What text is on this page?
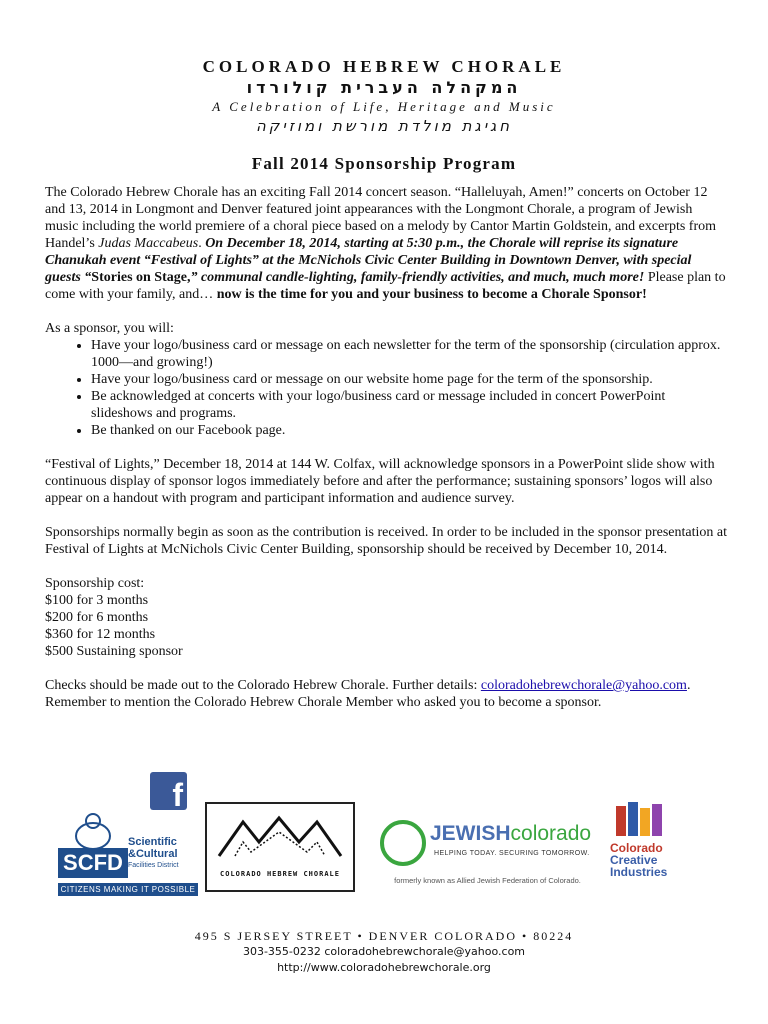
COLORADO HEBREW CHORALE
המקהלה העברית קולורדו
A Celebration of Life, Heritage and Music
חגיגת מולדת מורשת ומוזיקה
Fall 2014 Sponsorship Program

The Colorado Hebrew Chorale has an exciting Fall 2014 concert season. “Halleluyah, Amen!” concerts on October 12 and 13, 2014 in Longmont and Denver featured joint appearances with the Longmont Chorale, a program of Jewish music including the world premiere of a choral piece based on a melody by Cantor Martin Goldstein, and excerpts from Handel’s Judas Maccabeus. On December 18, 2014, starting at 5:30 p.m., the Chorale will reprise its signature Chanukah event “Festival of Lights” at the McNichols Civic Center Building in Downtown Denver, with special guests “Stories on Stage,” communal candle-lighting, family-friendly activities, and much, much more! Please plan to come with your family, and… now is the time for you and your business to become a Chorale Sponsor!

As a sponsor, you will:
• Have your logo/business card or message on each newsletter for the term of the sponsorship (circulation approx. 1000—and growing!)
• Have your logo/business card or message on our website home page for the term of the sponsorship.
• Be acknowledged at concerts with your logo/business card or message included in concert PowerPoint slideshows and programs.
• Be thanked on our Facebook page.

“Festival of Lights,” December 18, 2014 at 144 W. Colfax, will acknowledge sponsors in a PowerPoint slide show with continuous display of sponsor logos immediately before and after the performance; sustaining sponsors’ logos will also appear on a handout with program and participant information and audience survey.

Sponsorships normally begin as soon as the contribution is received. In order to be included in the sponsor presentation at Festival of Lights at McNichols Civic Center Building, sponsorship should be received by December 10, 2014.

Sponsorship cost:

$100 for 3 months

$200 for 6 months

$360 for 12 months

$500 Sustaining sponsor

Checks should be made out to the Colorado Hebrew Chorale. Further details: coloradohebrewchorale@yahoo.com.
Remember to mention the Colorado Hebrew Chorale Member who asked you to become a sponsor.

f
SCFD
Scientific
&Cultural
Facilities District
CITIZENS MAKING IT POSSIBLE
COLORADO HEBREW CHORALE
JEWISHcolorado
HELPING TODAY. SECURING TOMORROW.
formerly known as Allied Jewish Federation of Colorado.
Colorado
Creative
Industries
495 S JERSEY STREET • DENVER COLORADO • 80224
303-355-0232 coloradohebrewchorale@yahoo.com
http://www.coloradohebrewchorale.org
